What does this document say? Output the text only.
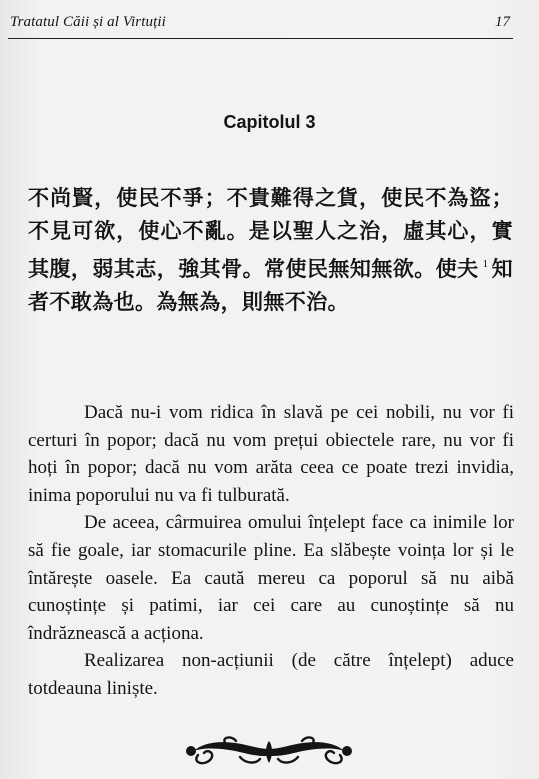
Tratatul Căii și al Virtuții	17
Capitolul 3
不尚賢，使民不爭；不貴難得之貨，使民不為盜；不見可欲，使心不亂。是以聖人之治，虛其心，實其腹，弱其志，強其骨。常使民無知無欲。使夫 $^1$ 知者不敢為也。為無為，則無不治。

Dacă nu-i vom ridica în slavă pe cei nobili, nu vor fi certuri în popor; dacă nu vom prețui obiectele rare, nu vor fi hoți în popor; dacă nu vom arăta ceea ce poate trezi invidia, inima poporului nu va fi tulburată.

De aceea, cârmuirea omului înțelept face ca inimile lor să fie goale, iar stomacurile pline. Ea slăbește voința lor și le întărește oasele. Ea caută mereu ca poporul să nu aibă cunoștințe și patimi, iar cei care au cunoștințe să nu îndrăznească a acționa.

Realizarea non-acțiunii (de către înțelept) aduce totdeauna liniște.
